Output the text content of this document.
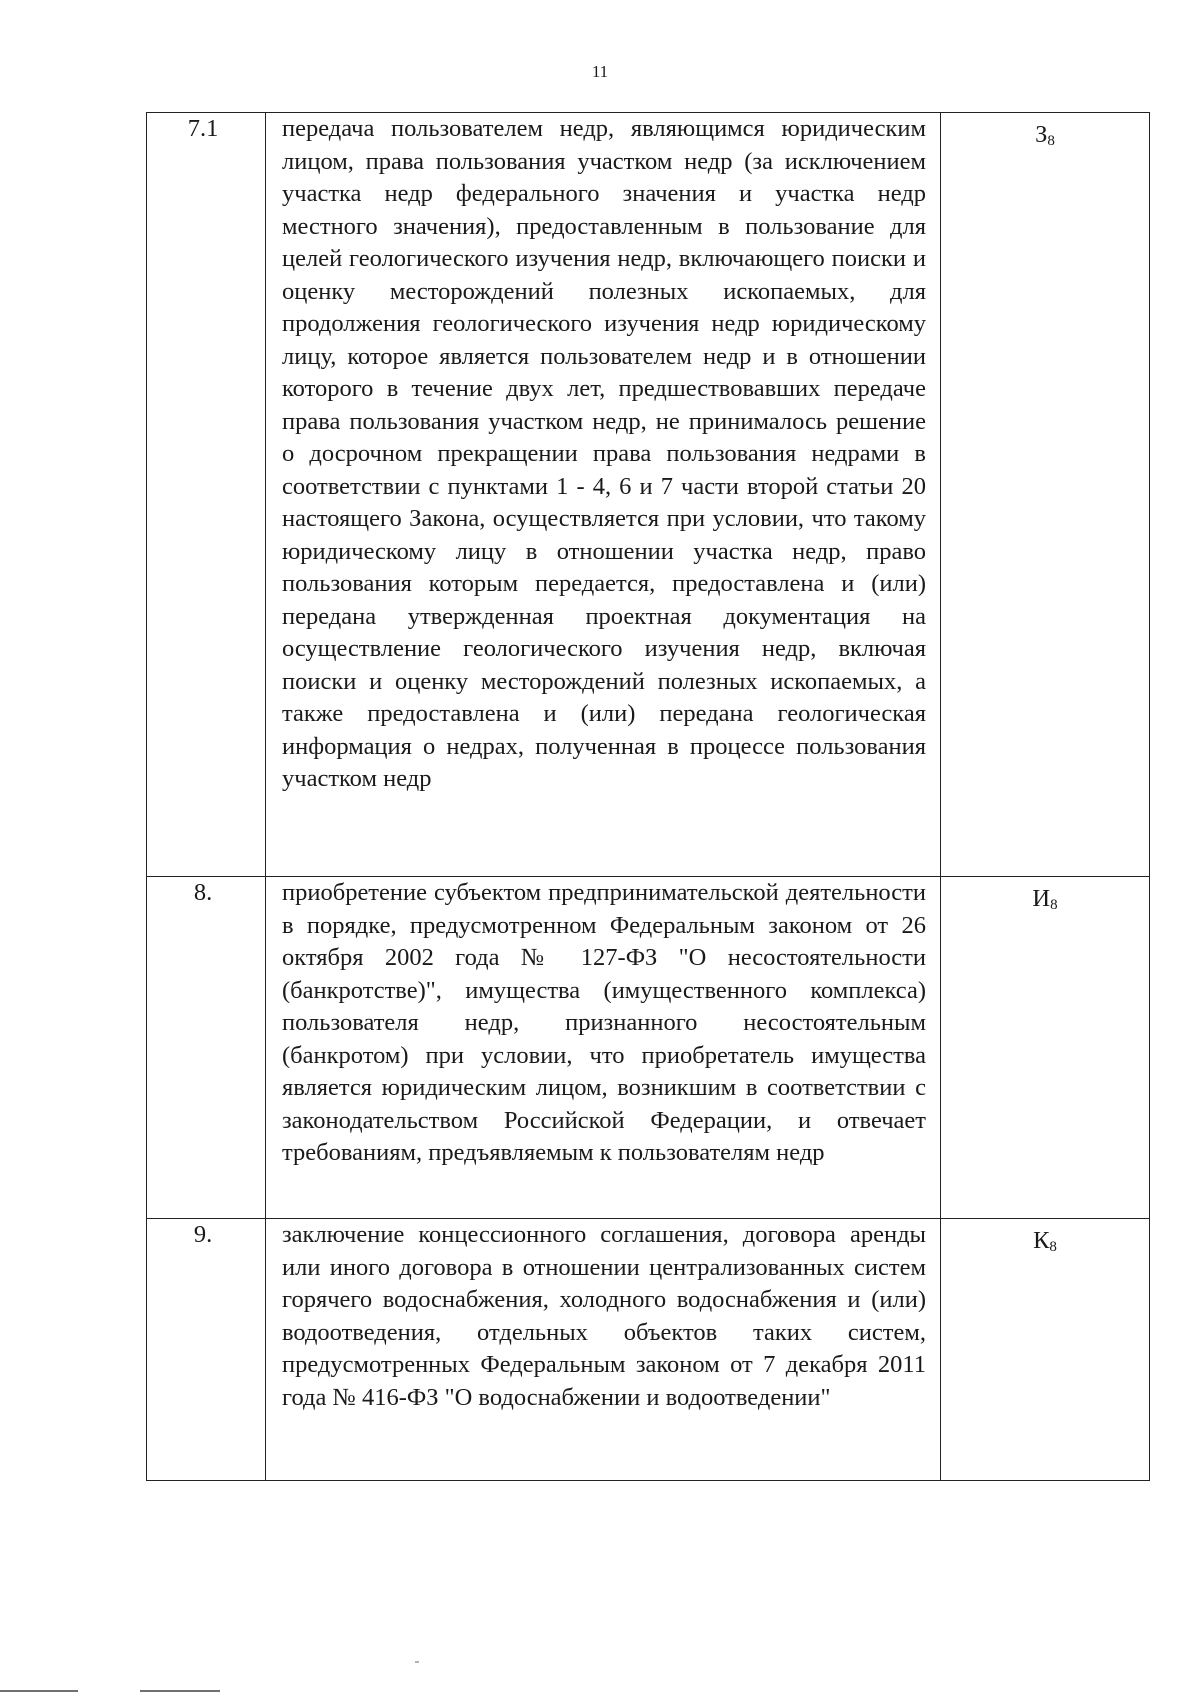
11
7.1	передача пользователем недр, являющимся юридическим лицом, права пользования участком недр (за исключением участка недр федерального значения и участка недр местного значения), предоставленным в пользование для целей геологического изучения недр, включающего поиски и оценку месторождений полезных ископаемых, для продолжения геологического изучения недр юридическому лицу, которое является пользователем недр и в отношении которого в течение двух лет, предшествовавших передаче права пользования участком недр, не принималось решение о досрочном прекращении права пользования недрами в соответствии с пунктами 1 - 4, 6 и 7 части второй статьи 20 настоящего Закона, осуществляется при условии, что такому юридическому лицу в отношении участка недр, право пользования которым передается, предоставлена и (или) передана утвержденная проектная документация на осуществление геологического изучения недр, включая поиски и оценку месторождений полезных ископаемых, а также предоставлена и (или) передана геологическая информация о недрах, полученная в процессе пользования участком недр	$З_8$
8.	приобретение субъектом предпринимательской деятельности в порядке, предусмотренном Федеральным законом от 26 октября 2002 года № 127-ФЗ "О несостоятельности (банкротстве)", имущества (имущественного комплекса) пользователя недр, признанного несостоятельным (банкротом) при условии, что приобретатель имущества является юридическим лицом, возникшим в соответствии с законодательством Российской Федерации, и отвечает требованиям, предъявляемым к пользователям недр	$И_8$
9.	заключение концессионного соглашения, договора аренды или иного договора в отношении централизованных систем горячего водоснабжения, холодного водоснабжения и (или) водоотведения, отдельных объектов таких систем, предусмотренных Федеральным законом от 7 декабря 2011 года № 416-ФЗ "О водоснабжении и водоотведении"	$К_8$
